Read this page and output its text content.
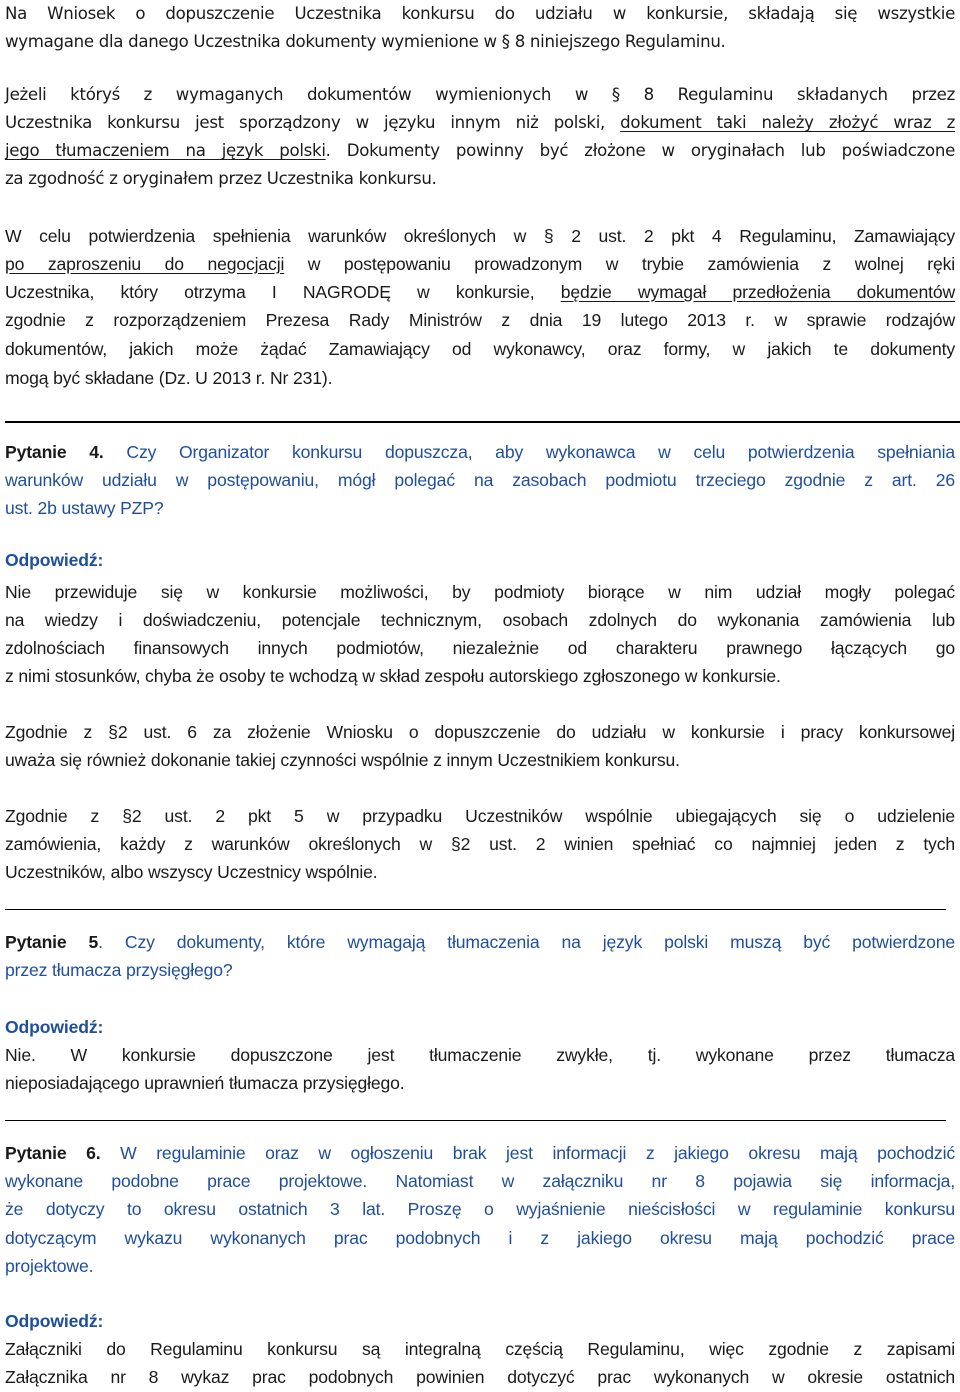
Na Wniosek o dopuszczenie Uczestnika konkursu do udziału w konkursie, składają się wszystkie
wymagane dla danego Uczestnika dokumenty wymienione w § 8 niniejszego Regulaminu.
Jeżeli któryś z wymaganych dokumentów wymienionych w § 8 Regulaminu składanych przez
Uczestnika konkursu jest sporządzony w języku innym niż polski, dokument taki należy złożyć wraz z
jego tłumaczeniem na język polski. Dokumenty powinny być złożone w oryginałach lub poświadczone
za zgodność z oryginałem przez Uczestnika konkursu.
W celu potwierdzenia spełnienia warunków określonych w § 2 ust. 2 pkt 4 Regulaminu, Zamawiający
po zaproszeniu do negocjacji w postępowaniu prowadzonym w trybie zamówienia z wolnej ręki
Uczestnika, który otrzyma I NAGRODĘ w konkursie, będzie wymagał przedłożenia dokumentów
zgodnie z rozporządzeniem Prezesa Rady Ministrów z dnia 19 lutego 2013 r. w sprawie rodzajów
dokumentów, jakich może żądać Zamawiający od wykonawcy, oraz formy, w jakich te dokumenty
mogą być składane (Dz. U 2013 r. Nr 231).
Pytanie 4. Czy Organizator konkursu dopuszcza, aby wykonawca w celu potwierdzenia spełniania
warunków udziału w postępowaniu, mógł polegać na zasobach podmiotu trzeciego zgodnie z art. 26
ust. 2b ustawy PZP?
Odpowiedź:
Nie przewiduje się w konkursie możliwości, by podmioty biorące w nim udział mogły polegać
na wiedzy i doświadczeniu, potencjale technicznym, osobach zdolnych do wykonania zamówienia lub
zdolnościach finansowych innych podmiotów, niezależnie od charakteru prawnego łączących go
z nimi stosunków, chyba że osoby te wchodzą w skład zespołu autorskiego zgłoszonego w konkursie.
Zgodnie z §2 ust. 6 za złożenie Wniosku o dopuszczenie do udziału w konkursie i pracy konkursowej
uważa się również dokonanie takiej czynności wspólnie z innym Uczestnikiem konkursu.
Zgodnie z §2 ust. 2 pkt 5 w przypadku Uczestników wspólnie ubiegających się o udzielenie
zamówienia, każdy z warunków określonych w §2 ust. 2 winien spełniać co najmniej jeden z tych
Uczestników, albo wszyscy Uczestnicy wspólnie.
Pytanie 5. Czy dokumenty, które wymagają tłumaczenia na język polski muszą być potwierdzone
przez tłumacza przysięgłego?
Odpowiedź:
Nie. W konkursie dopuszczone jest tłumaczenie zwykłe, tj. wykonane przez tłumacza
nieposiadającego uprawnień tłumacza przysięgłego.
Pytanie 6. W regulaminie oraz w ogłoszeniu brak jest informacji z jakiego okresu mają pochodzić
wykonane podobne prace projektowe. Natomiast w załączniku nr 8 pojawia się informacja,
że dotyczy to okresu ostatnich 3 lat. Proszę o wyjaśnienie nieścisłości w regulaminie konkursu
dotyczącym wykazu wykonanych prac podobnych i z jakiego okresu mają pochodzić prace
projektowe.
Odpowiedź:
Załączniki do Regulaminu konkursu są integralną częścią Regulaminu, więc zgodnie z zapisami
Załącznika nr 8 wykaz prac podobnych powinien dotyczyć prac wykonanych w okresie ostatnich
